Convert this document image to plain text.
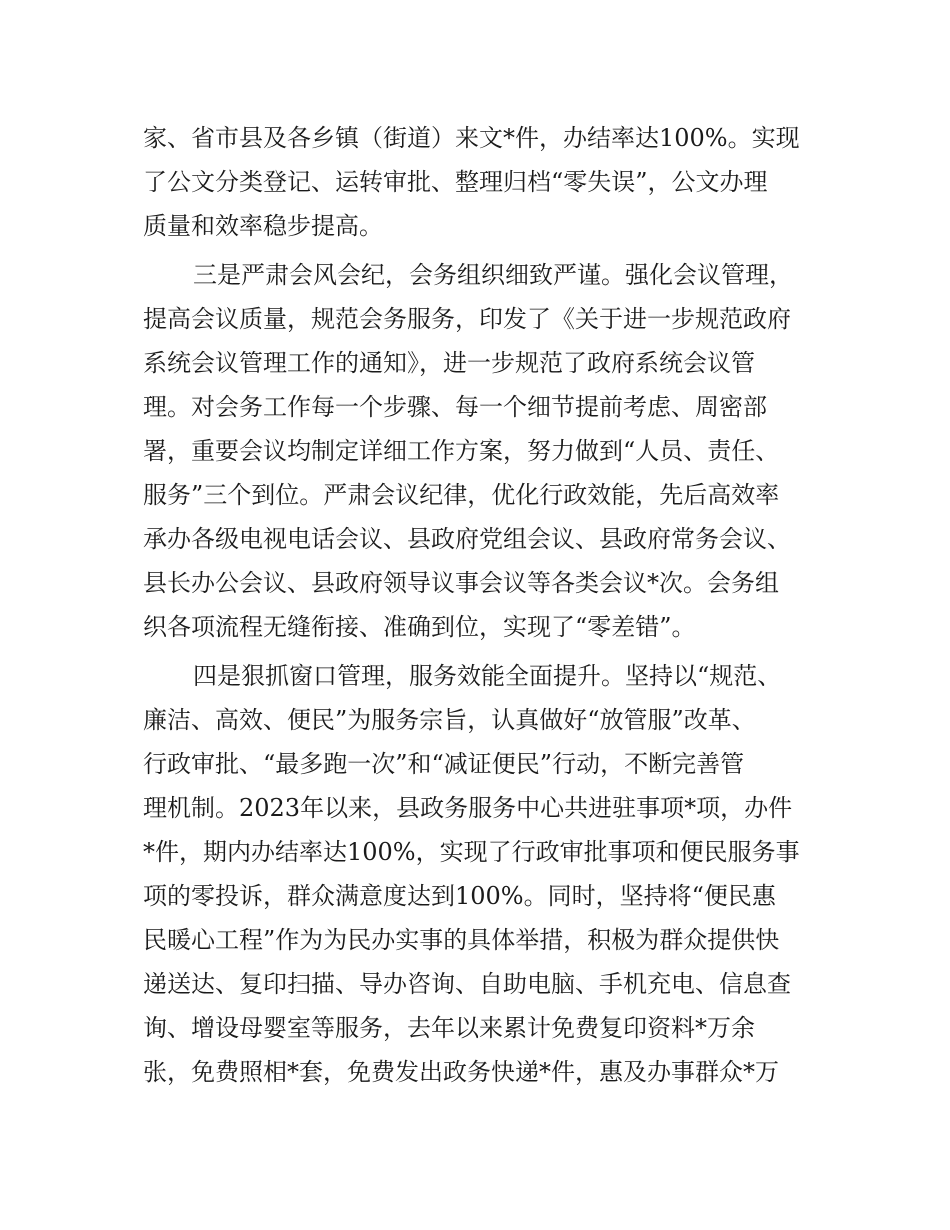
家、省市县及各乡镇（街道）来文*件，办结率达100%。实现
了公文分类登记、运转审批、整理归档“零失误”，公文办理
质量和效率稳步提高。
三是严肃会风会纪，会务组织细致严谨。强化会议管理，
提高会议质量，规范会务服务，印发了《关于进一步规范政府
系统会议管理工作的通知》，进一步规范了政府系统会议管
理。对会务工作每一个步骤、每一个细节提前考虑、周密部
署，重要会议均制定详细工作方案，努力做到“人员、责任、
服务”三个到位。严肃会议纪律，优化行政效能，先后高效率
承办各级电视电话会议、县政府党组会议、县政府常务会议、
县长办公会议、县政府领导议事会议等各类会议*次。会务组
织各项流程无缝衔接、准确到位，实现了“零差错”。
四是狠抓窗口管理，服务效能全面提升。坚持以“规范、
廉洁、高效、便民”为服务宗旨，认真做好“放管服”改革、
行政审批、“最多跑一次”和“减证便民”行动，不断完善管
理机制。2023年以来，县政务服务中心共进驻事项*项，办件
*件，期内办结率达100%，实现了行政审批事项和便民服务事
项的零投诉，群众满意度达到100%。同时，坚持将“便民惠
民暖心工程”作为为民办实事的具体举措，积极为群众提供快
递送达、复印扫描、导办咨询、自助电脑、手机充电、信息查
询、增设母婴室等服务，去年以来累计免费复印资料*万余
张，免费照相*套，免费发出政务快递*件，惠及办事群众*万
